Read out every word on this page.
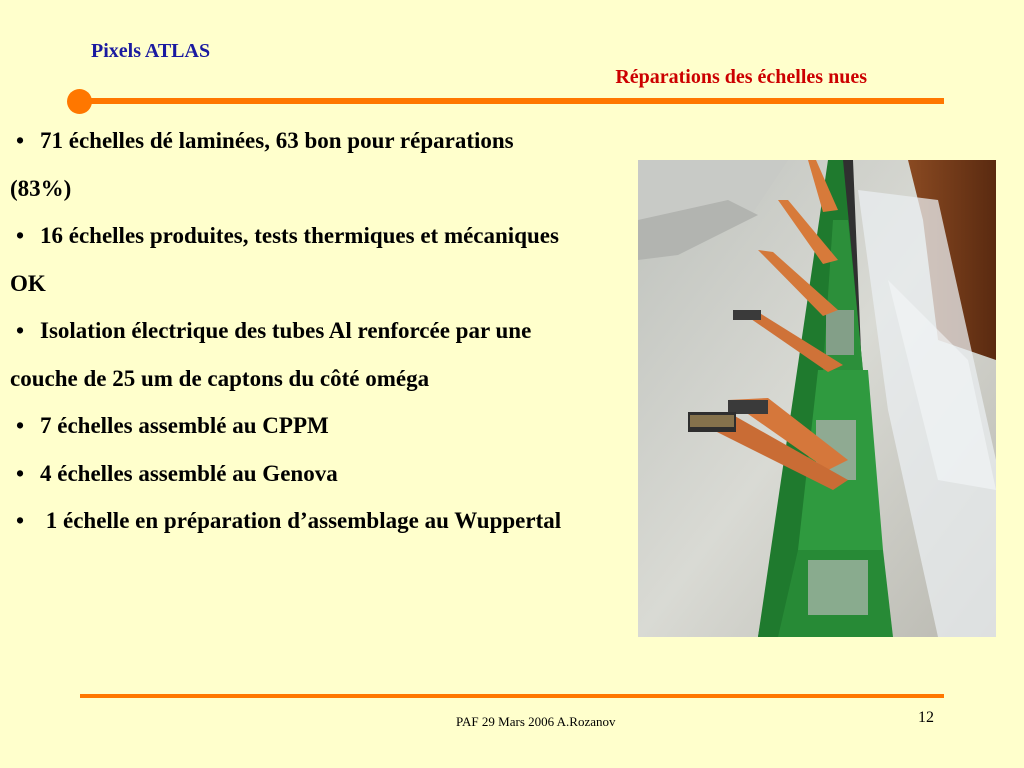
Pixels ATLAS
Réparations des échelles nues

• 71 échelles dé laminées, 63 bon pour réparations (83%)

• 16 échelles produites, tests thermiques et mécaniques OK

• Isolation électrique des tubes Al renforcée par une couche de 25 um de captons du côté oméga

• 7 échelles assemblé au CPPM

• 4 échelles assemblé au Genova

• 1 échelle en préparation d’assemblage au Wuppertal

PAF 29 Mars 2006 A.Rozanov	12
